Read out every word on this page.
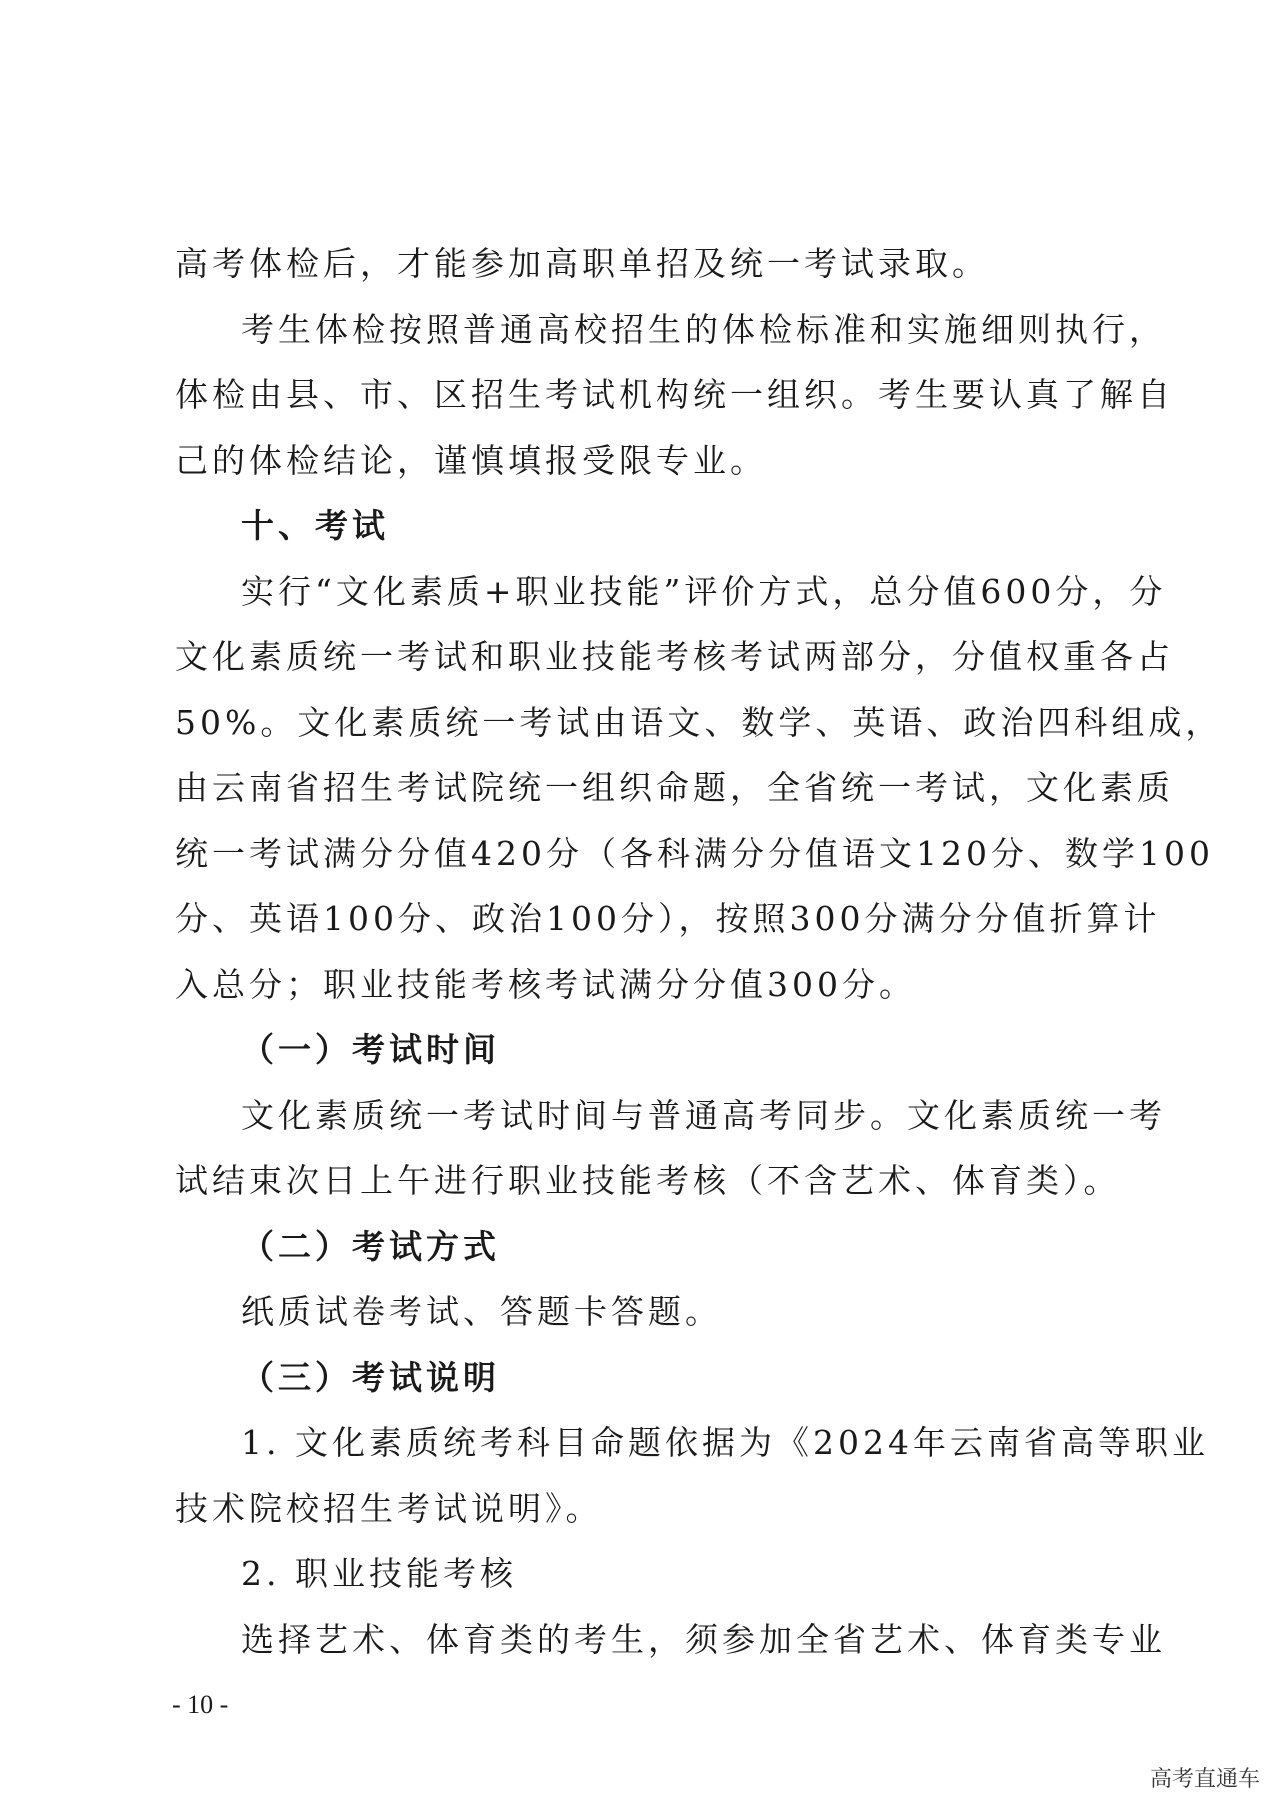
高考体检后，才能参加高职单招及统一考试录取。
考生体检按照普通高校招生的体检标准和实施细则执行，
体检由县、市、区招生考试机构统一组织。考生要认真了解自
己的体检结论，谨慎填报受限专业。
十、考试
实行“文化素质+职业技能”评价方式，总分值600分，分
文化素质统一考试和职业技能考核考试两部分，分值权重各占
50%。文化素质统一考试由语文、数学、英语、政治四科组成，
由云南省招生考试院统一组织命题，全省统一考试，文化素质
统一考试满分分值420分（各科满分分值语文120分、数学100
分、英语100分、政治100分），按照300分满分分值折算计
入总分；职业技能考核考试满分分值300分。
（一）考试时间
文化素质统一考试时间与普通高考同步。文化素质统一考
试结束次日上午进行职业技能考核（不含艺术、体育类）。
（二）考试方式
纸质试卷考试、答题卡答题。
（三）考试说明
1. 文化素质统考科目命题依据为《2024年云南省高等职业
技术院校招生考试说明》。
2. 职业技能考核
选择艺术、体育类的考生，须参加全省艺术、体育类专业
- 10 -
高考直通车
